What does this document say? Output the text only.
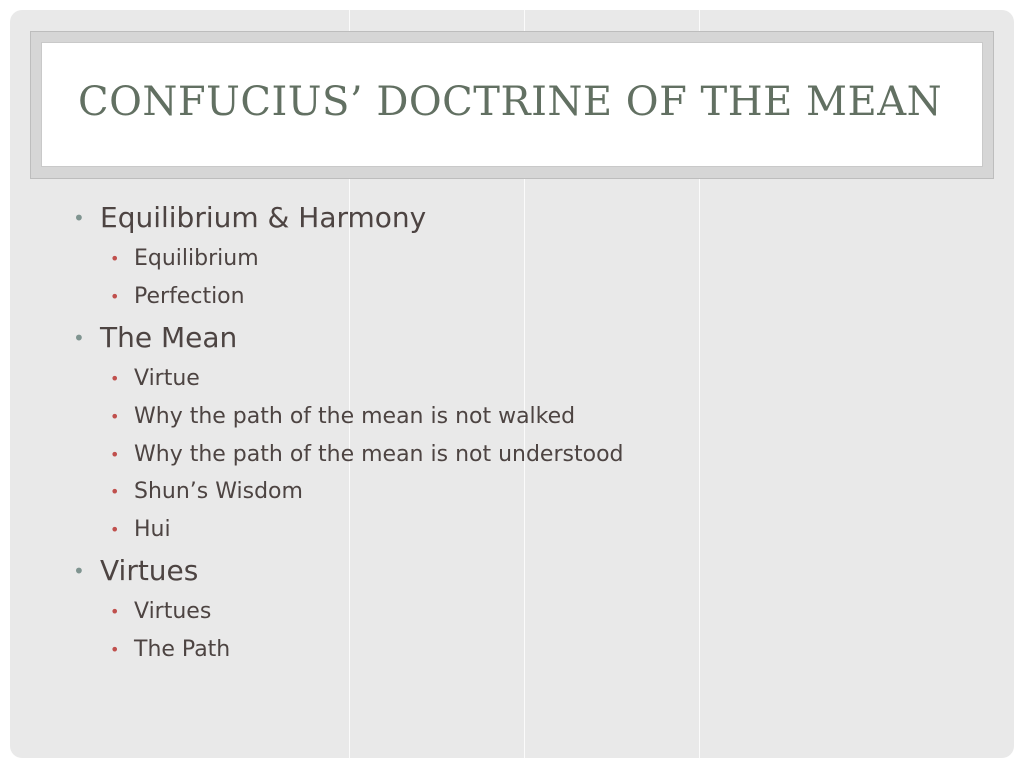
CONFUCIUS’ DOCTRINE OF THE MEAN
• Equilibrium & Harmony
• Equilibrium
• Perfection
• The Mean
• Virtue
• Why the path of the mean is not walked
• Why the path of the mean is not understood
• Shun’s Wisdom
• Hui
• Virtues
• Virtues
• The Path
